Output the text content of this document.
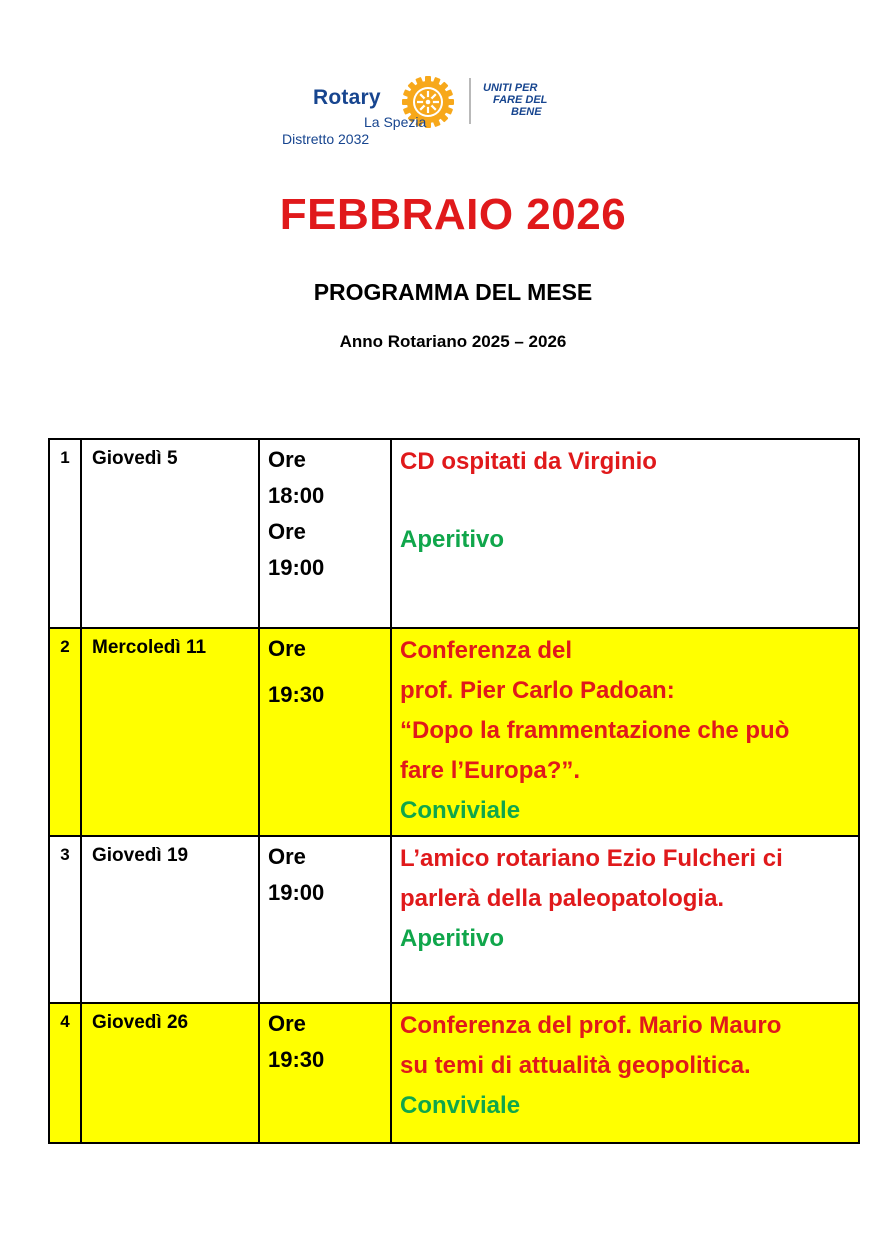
Rotary
La Spezia
Distretto 2032
UNITI PER
FARE DEL
BENE
FEBBRAIO 2026
PROGRAMMA DEL MESE
Anno Rotariano 2025 – 2026
1	Giovedì 5	Ore
18:00
Ore
19:00	CD ospitati da Virginio
Aperitivo

2	Mercoledì 11	Ore
19:30	Conferenza del
prof. Pier Carlo Padoan:
“Dopo la frammentazione che può
fare l’Europa?”.
Conviviale

3	Giovedì 19	Ore
19:00	L’amico rotariano Ezio Fulcheri ci
parlerà della paleopatologia.
Aperitivo

4	Giovedì 26	Ore
19:30	Conferenza del prof. Mario Mauro
su temi di attualità geopolitica.
Conviviale
